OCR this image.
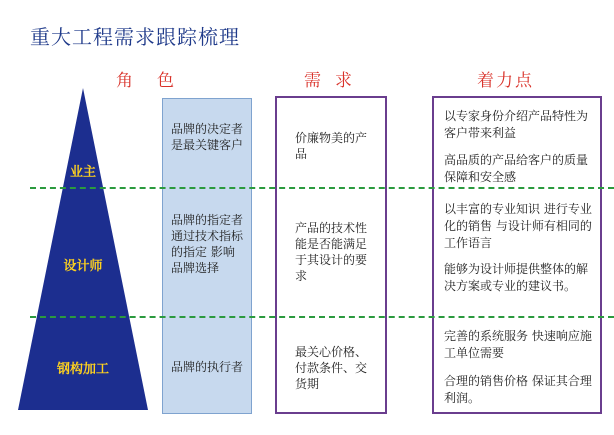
重大工程需求跟踪梳理
角色	需求	着力点
业主
设计师
钢构加工
品牌的决定者是最关键客户
品牌的指定者 通过技术指标的指定 影响品牌选择
品牌的执行者
价廉物美的产品
产品的技术性能是否能满足于其设计的要求
最关心价格、付款条件、交货期
以专家身份介绍产品特性为客户带来利益
高品质的产品给客户的质量保障和安全感
以丰富的专业知识 进行专业化的销售 与设计师有相同的工作语言
能够为设计师提供整体的解决方案或专业的建议书。
完善的系统服务 快速响应施工单位需要
合理的销售价格 保证其合理利润。
